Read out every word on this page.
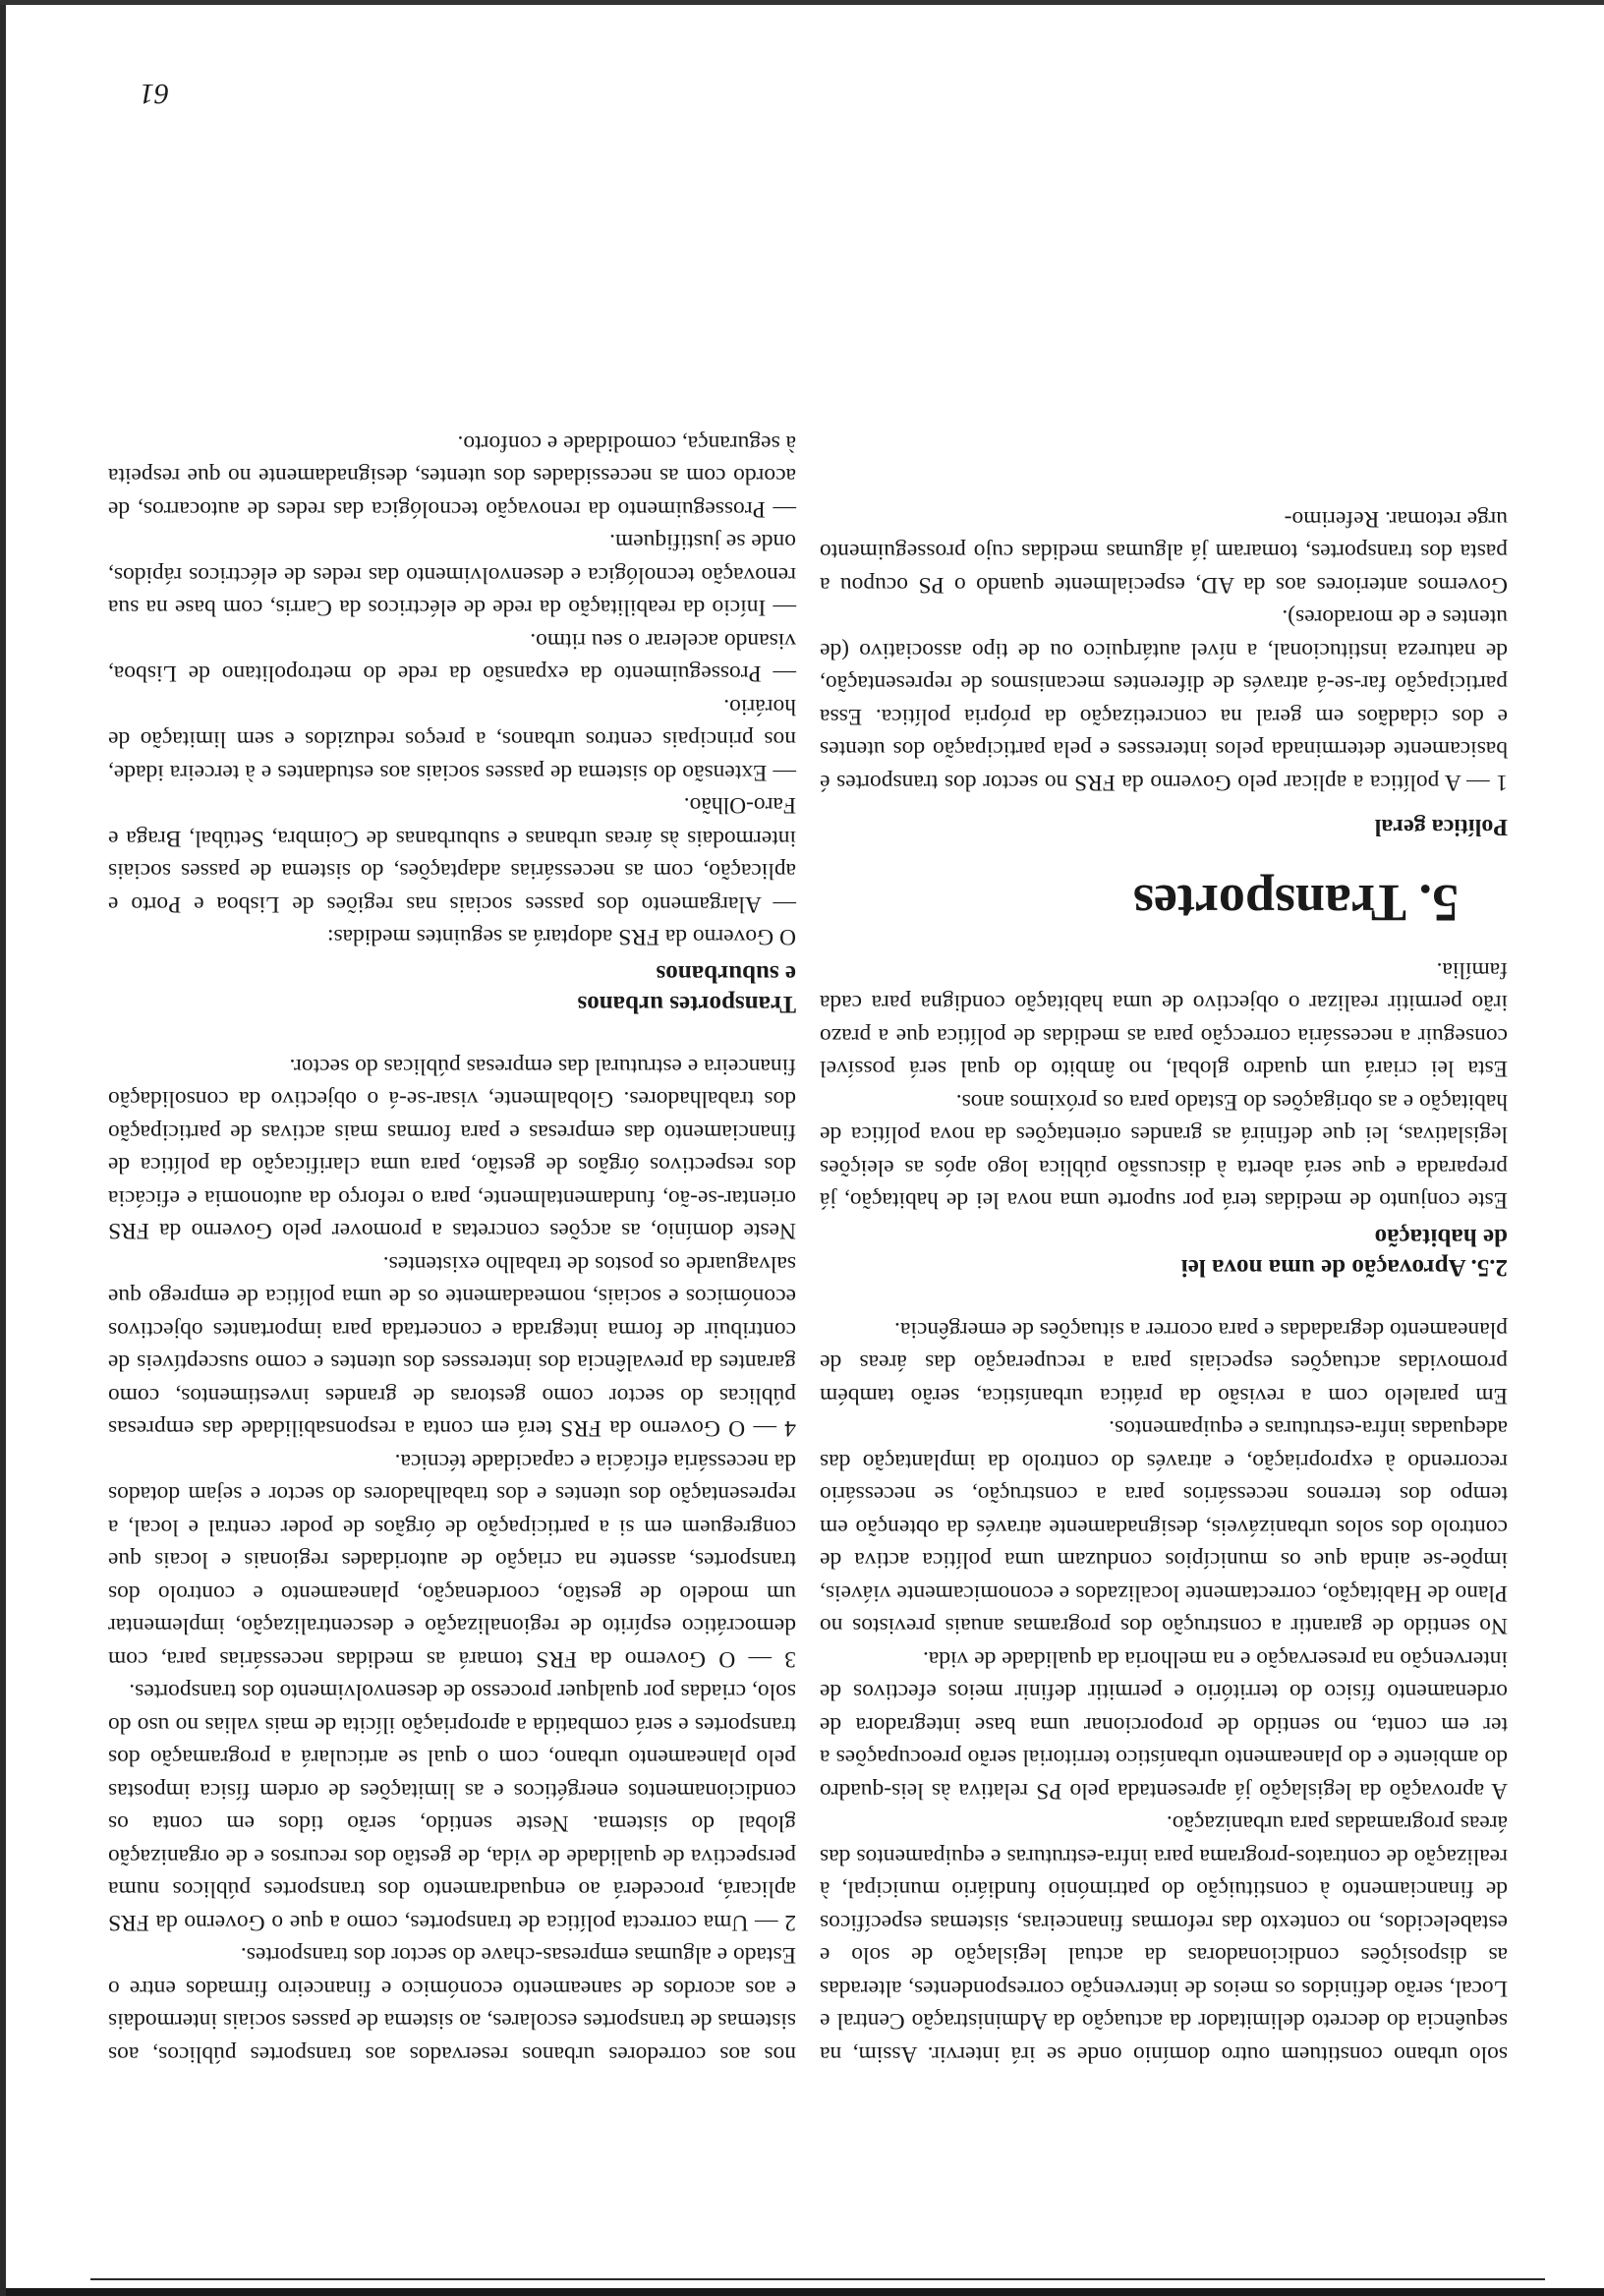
solo urbano constituem outro domínio onde se irá intervir. Assim, na sequência do decreto delimitador da actuação da Administração Central e Local, serão definidos os meios de intervenção correspondentes, alteradas as disposições condicionadoras da actual legislação de solo e estabelecidos, no contexto das reformas financeiras, sistemas específicos de financiamento à constituição do património fundiário municipal, à realização de contratos-programa para infra-estruturas e equipamentos das áreas programadas para urbanização.

A aprovação da legislação já apresentada pelo PS relativa às leis-quadro do ambiente e do planeamento urbanístico territorial serão preocupações a ter em conta, no sentido de proporcionar uma base integradora de ordenamento físico do território e permitir definir meios efectivos de intervenção na preservação e na melhoria da qualidade de vida.

No sentido de garantir a construção dos programas anuais previstos no Plano de Habitação, correctamente localizados e economicamente viáveis, impõe-se ainda que os municípios conduzam uma política activa de controlo dos solos urbanizáveis, designadamente através da obtenção em tempo dos terrenos necessários para a construção, se necessário recorrendo à expropriação, e através do controlo da implantação das adequadas infra-estruturas e equipamentos.

Em paralelo com a revisão da prática urbanística, serão também promovidas actuações especiais para a recuperação das áreas de planeamento degradadas e para ocorrer a situações de emergência.

2.5. Aprovação de uma nova lei
de habitação

Este conjunto de medidas terá por suporte uma nova lei de habitação, já preparada e que será aberta à discussão pública logo após as eleições legislativas, lei que definirá as grandes orientações da nova política de habitação e as obrigações do Estado para os próximos anos.

Esta lei criará um quadro global, no âmbito do qual será possível conseguir a necessária correcção para as medidas de política que a prazo irão permitir realizar o objectivo de uma habitação condigna para cada família.

5. Transportes
Política geral

1 — A política a aplicar pelo Governo da FRS no sector dos transportes é basicamente determinada pelos interesses e pela participação dos utentes e dos cidadãos em geral na concretização da própria política. Essa participação far-se-á através de diferentes mecanismos de representação, de natureza institucional, a nível autárquico ou de tipo associativo (de utentes e de moradores).

Governos anteriores aos da AD, especialmente quando o PS ocupou a pasta dos transportes, tomaram já algumas medidas cujo prosseguimento urge retomar. Referimo-

nos aos corredores urbanos reservados aos transportes públicos, aos sistemas de transportes escolares, ao sistema de passes sociais intermodais e aos acordos de saneamento económico e financeiro firmados entre o Estado e algumas empresas-chave do sector dos transportes.

2 — Uma correcta política de transportes, como a que o Governo da FRS aplicará, procederá ao enquadramento dos transportes públicos numa perspectiva de qualidade de vida, de gestão dos recursos e de organização global do sistema. Neste sentido, serão tidos em conta os condicionamentos energéticos e as limitações de ordem física impostas pelo planeamento urbano, com o qual se articulará a programação dos transportes e será combatida a apropriação ilícita de mais valias no uso do solo, criadas por qualquer processo de desenvolvimento dos transportes.

3 — O Governo da FRS tomará as medidas necessárias para, com democrático espírito de regionalização e descentralização, implementar um modelo de gestão, coordenação, planeamento e controlo dos transportes, assente na criação de autoridades regionais e locais que congreguem em si a participação de órgãos de poder central e local, a representação dos utentes e dos trabalhadores do sector e sejam dotados da necessária eficácia e capacidade técnica.

4 — O Governo da FRS terá em conta a responsabilidade das empresas públicas do sector como gestoras de grandes investimentos, como garantes da prevalência dos interesses dos utentes e como susceptíveis de contribuir de forma integrada e concertada para importantes objectivos económicos e sociais, nomeadamente os de uma política de emprego que salvaguarde os postos de trabalho existentes.

Neste domínio, as acções concretas a promover pelo Governo da FRS orientar-se-ão, fundamentalmente, para o reforço da autonomia e eficácia dos respectivos órgãos de gestão, para uma clarificação da política de financiamento das empresas e para formas mais activas de participação dos trabalhadores. Globalmente, visar-se-á o objectivo da consolidação financeira e estrutural das empresas públicas do sector.

Transportes urbanos
e suburbanos

O Governo da FRS adoptará as seguintes medidas:

— Alargamento dos passes sociais nas regiões de Lisboa e Porto e aplicação, com as necessárias adaptações, do sistema de passes sociais intermodais às áreas urbanas e suburbanas de Coimbra, Setúbal, Braga e Faro-Olhão.

— Extensão do sistema de passes sociais aos estudantes e à terceira idade, nos principais centros urbanos, a preços reduzidos e sem limitação de horário.

— Prosseguimento da expansão da rede do metropolitano de Lisboa, visando acelerar o seu ritmo.

— Início da reabilitação da rede de eléctricos da Carris, com base na sua renovação tecnológica e desenvolvimento das redes de eléctricos rápidos, onde se justifiquem.

— Prosseguimento da renovação tecnológica das redes de autocarros, de acordo com as necessidades dos utentes, designadamente no que respeita à segurança, comodidade e conforto.

61
